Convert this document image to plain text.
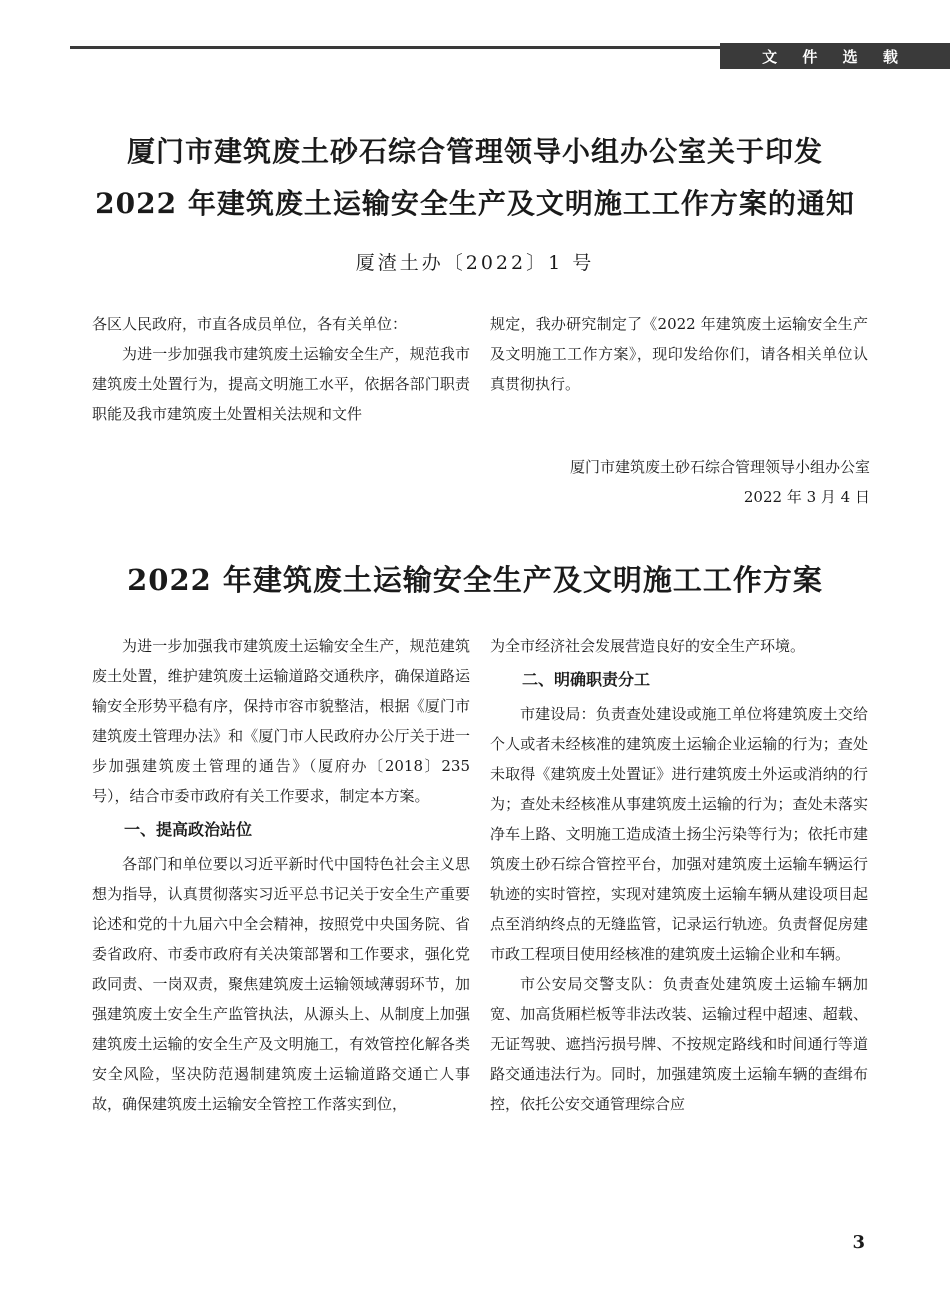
文 件 选 载
厦门市建筑废土砂石综合管理领导小组办公室关于印发
2022 年建筑废土运输安全生产及文明施工工作方案的通知
厦渣土办〔2022〕1 号

各区人民政府，市直各成员单位，各有关单位：

为进一步加强我市建筑废土运输安全生产，规范我市建筑废土处置行为，提高文明施工水平，依据各部门职责职能及我市建筑废土处置相关法规和文件

规定，我办研究制定了《2022 年建筑废土运输安全生产及文明施工工作方案》，现印发给你们，请各相关单位认真贯彻执行。

厦门市建筑废土砂石综合管理领导小组办公室
2022 年 3 月 4 日
2022 年建筑废土运输安全生产及文明施工工作方案

为进一步加强我市建筑废土运输安全生产，规范建筑废土处置，维护建筑废土运输道路交通秩序，确保道路运输安全形势平稳有序，保持市容市貌整洁，根据《厦门市建筑废土管理办法》和《厦门市人民政府办公厅关于进一步加强建筑废土管理的通告》（厦府办〔2018〕235 号），结合市委市政府有关工作要求，制定本方案。

一、提高政治站位

各部门和单位要以习近平新时代中国特色社会主义思想为指导，认真贯彻落实习近平总书记关于安全生产重要论述和党的十九届六中全会精神，按照党中央国务院、省委省政府、市委市政府有关决策部署和工作要求，强化党政同责、一岗双责，聚焦建筑废土运输领域薄弱环节，加强建筑废土安全生产监管执法，从源头上、从制度上加强建筑废土运输的安全生产及文明施工，有效管控化解各类安全风险，坚决防范遏制建筑废土运输道路交通亡人事故，确保建筑废土运输安全管控工作落实到位，

为全市经济社会发展营造良好的安全生产环境。

二、明确职责分工

市建设局：负责查处建设或施工单位将建筑废土交给个人或者未经核准的建筑废土运输企业运输的行为；查处未取得《建筑废土处置证》进行建筑废土外运或消纳的行为；查处未经核准从事建筑废土运输的行为；查处未落实净车上路、文明施工造成渣土扬尘污染等行为；依托市建筑废土砂石综合管控平台，加强对建筑废土运输车辆运行轨迹的实时管控，实现对建筑废土运输车辆从建设项目起点至消纳终点的无缝监管，记录运行轨迹。负责督促房建市政工程项目使用经核准的建筑废土运输企业和车辆。

市公安局交警支队：负责查处建筑废土运输车辆加宽、加高货厢栏板等非法改装、运输过程中超速、超载、无证驾驶、遮挡污损号牌、不按规定路线和时间通行等道路交通违法行为。同时，加强建筑废土运输车辆的查缉布控，依托公安交通管理综合应

3
